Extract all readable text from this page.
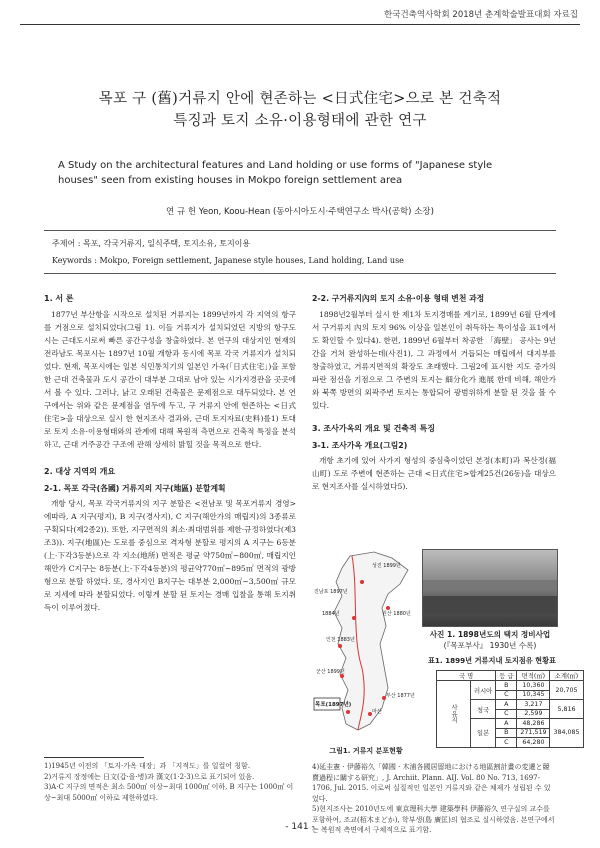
한국건축역사학회 2018년 춘계학술발표대회 자료집
목포 구 (舊)거류지 안에 현존하는 <日式住宅>으로 본 건축적
특징과 토지 소유·이용형태에 관한 연구
A Study on the architectural features and Land holding or use forms of "Japanese style
houses" seen from existing houses in Mokpo foreign settlement area
연 규 헌 Yeon, Koou-Hean (동아시아도시·주택연구소 박사(공학) 소장)
주제어 : 목포, 각국거류지, 일식주택, 토지소유, 토지이용
Keywords : Mokpo, Foreign settlement, Japanese style houses, Land holding, Land use
1. 서 론

1877년 부산항을 시작으로 설치된 거류지는 1899년까지 각 지역의 항구를 거점으로 설치되었다(그림 1). 이들 거류지가 설치되었던 지방의 항구도시는 근대도시로써 빠른 공간구성을 창출하였다. 본 연구의 대상지인 현재의 전라남도 목포시는 1897년 10월 개항과 동시에 목포 각국 거류지가 설치되었다. 현재, 목포시에는 일본 식민통치기의 일본인 가옥(「日式住宅」)을 포함한 근대 건축물과 도시 공간이 대부분 그대로 남아 있는 시가지경관을 곳곳에서 볼 수 있다. 그러나, 낡고 오래된 건축물은 문제점으로 대두되었다. 본 연구에서는 위와 같은 문제점을 염두에 두고, 구 거류지 안에 현존하는 <日式住宅>을 대상으로 실시 한 현지조사 결과와, 근대 토지자료(史料)를1) 토대로 토지 소유·이용형태와의 관계에 대해 복원적 측면으로 건축적 특징을 분석하고, 근대 거주공간 구조에 관해 상세히 밝힐 것을 목적으로 한다.

2. 대상 지역의 개요
2-1. 목포 각국(各國) 거류지의 지구(地區) 분할계획

개항 당시, 목포 각국거류지의 지구 분할은 <전남포 및 목포거류지 경영> 에따라, A 지구(평지), B 지구(경사지), C 지구(해안가의 매립지)의 3종류로 구획되다(제2종2)). 또한, 지구면적의 최소·최대범위를 제한·규정하였다(제3조3)). 지구(地區)는 도로를 중심으로 격자형 분할로 평지의 A 지구는 6등분(上·下각3등분)으로 각 지소(地所) 면적은 평균 약750㎡~800㎡, 매립지인 해안가 C지구는 8등분(上·下각4등분)의 평균약770㎡~895㎡ 면적의 광방형으로 분할 하였다. 또, 경사지인 B지구는 대부분 2,000㎡~3,500㎡ 규모로 지세에 따라 분할되었다. 이렇게 분할 된 토지는 경매 입찰을 통해 토지취득이 이루어졌다.

1)1945년 이전의 「토지·가옥 대장」과 「지적도」를 일컬어 칭함.
2)거류지 장정에는 日文(갑·을·병)과 漢文(1·2·3)으로 표기되어 있음.
3)A·C 지구의 면적은 최소 500㎡ 이상~최대 1000㎡ 이하, B 지구는 1000㎡ 이상~최대 5000㎡ 이하로 제한하였다.
2-2. 구거류지內의 토지 소유·이용 형태 변천 과정

1898년2월부터 실시 한 제1차 토지경매를 계기로, 1899년 6월 단계에서 구거류지 內의 토지 96% 이상을 일본인이 취득하는 특이성을 표1에서도 확인할 수 있다4). 한편, 1899년 6월부터 착공한 「海壁」 공사는 9년간을 거쳐 완성하는데(사진1), 그 과정에서 거듭되는 매립에서 대지부를 창출하였고, 거류지면적의 확장도 초래했다. 그림2에 표시한 지도 증가의 파란 점선을 기점으로 그 주변의 토지는 細分化가 進展 한데 비해, 해안가와 북쪽 방면의 외곽주변 토지는 통합되어 광범위하게 분할 된 것을 볼 수 있다.

3. 조사가옥의 개요 및 건축적 특징
3-1. 조사가옥 개요(그림2)

개항 초기에 있어 사가지 형성의 중심축이었던 본정(本町)과 복산정(福山町) 도로 주변에 현존하는 근대 <日式住宅>합계25건(26동)을 대상으로 현지조사를 실시하였다5).

인천 1883년
군산 1899년
마산
부산 1877년
원산 1880년
목포(1897년)
진남포 1897년
성진 1899년
1884년
그림1. 거류지 분포현황
사진 1. 1898년도의 택지 정비사업
(『목포부사』 1930년 수록)
표1. 1899년 거류지내 토지점유 현황표
국 명		등 급	면적(㎡)	소계(㎡)
사유지	러시아	B	10,360	20,705
		C	10,345	
	청국	A	3,217	5,816
		C	2,599	
	일본	A	48,286	384,085
		B	271,519	
		C	64,280	
4)延圭憲 · 伊藤裕久「韓國 · 木浦各國居留地における地區割計畫の変遷と競賣過程に關する研究」, J. Archiit. Plann. AIJ. Vol. 80 No. 713, 1697-1706, Jul. 2015. 이로써 실질적인 일본인 거류지와 같은 체제가 성립된 수 있었다.
5)현지조사는 2010년도에 東京理科大學 建築學科 伊藤裕久 연구실의 교수를 포함하여, 조교(栢木まどか), 학부생(島 廣匡)의 협조로 실시하였음. 본연구에서는 복원적 측면에서 구체적으로 표기함.
- 141 -
